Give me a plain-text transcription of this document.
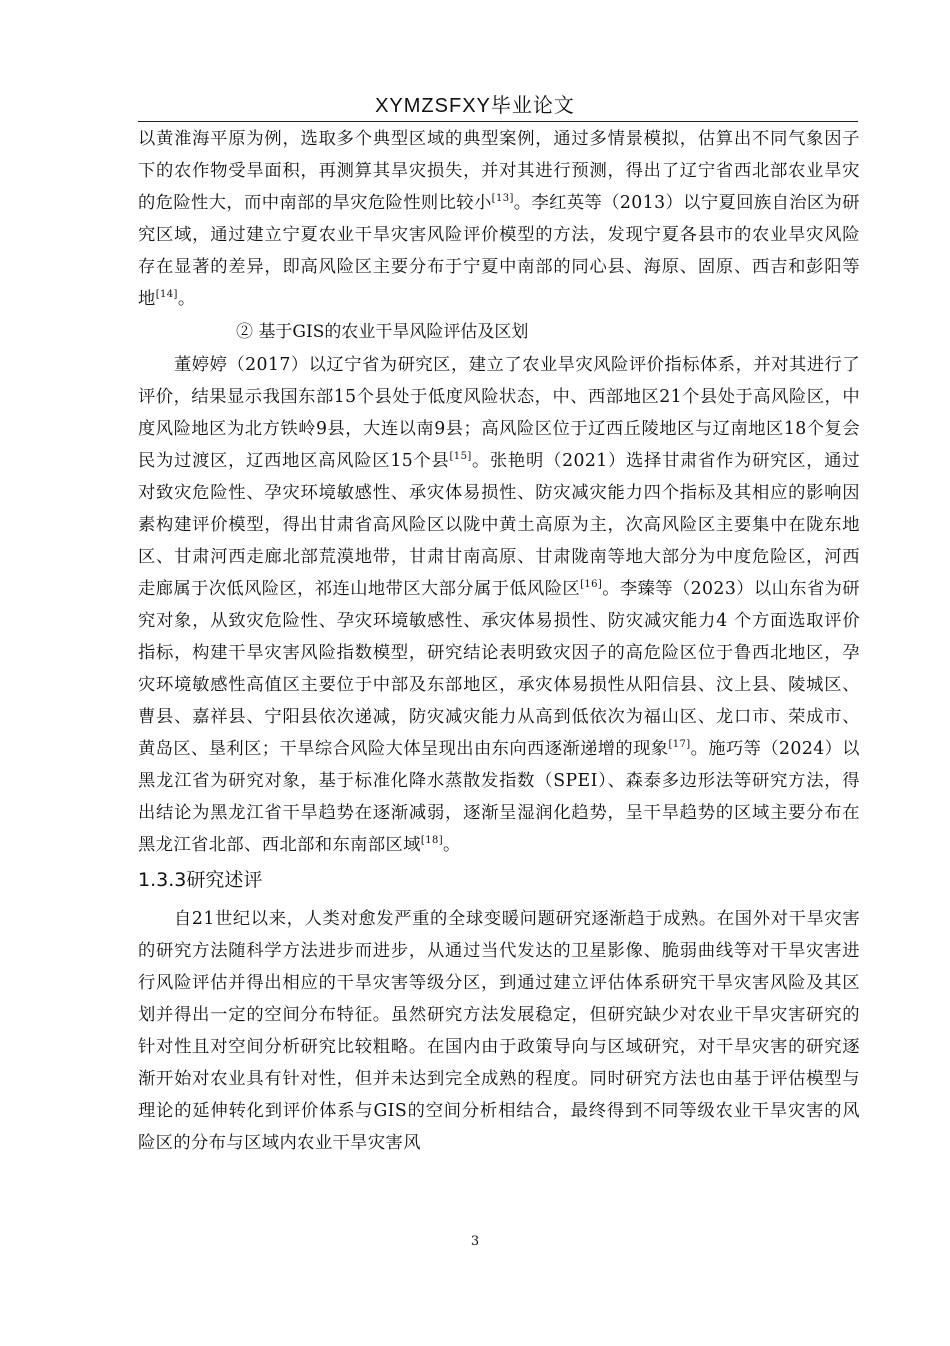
XYMZSFXY毕业论文

以黄淮海平原为例，选取多个典型区域的典型案例，通过多情景模拟，估算出不同气象因子下的农作物受旱面积，再测算其旱灾损失，并对其进行预测，得出了辽宁省西北部农业旱灾的危险性大，而中南部的旱灾危险性则比较小[13]。李红英等（2013）以宁夏回族自治区为研究区域，通过建立宁夏农业干旱灾害风险评价模型的方法，发现宁夏各县市的农业旱灾风险存在显著的差异，即高风险区主要分布于宁夏中南部的同心县、海原、固原、西吉和彭阳等地[14]。

② 基于GIS的农业干旱风险评估及区划

董婷婷（2017）以辽宁省为研究区，建立了农业旱灾风险评价指标体系，并对其进行了评价，结果显示我国东部15个县处于低度风险状态，中、西部地区21个县处于高风险区，中度风险地区为北方铁岭9县，大连以南9县；高风险区位于辽西丘陵地区与辽南地区18个复会民为过渡区，辽西地区高风险区15个县[15]。张艳明（2021）选择甘肃省作为研究区，通过对致灾危险性、孕灾环境敏感性、承灾体易损性、防灾减灾能力四个指标及其相应的影响因素构建评价模型，得出甘肃省高风险区以陇中黄土高原为主，次高风险区主要集中在陇东地区、甘肃河西走廊北部荒漠地带，甘肃甘南高原、甘肃陇南等地大部分为中度危险区，河西走廊属于次低风险区，祁连山地带区大部分属于低风险区[16]。李臻等（2023）以山东省为研究对象，从致灾危险性、孕灾环境敏感性、承灾体易损性、防灾减灾能力4 个方面选取评价指标，构建干旱灾害风险指数模型，研究结论表明致灾因子的高危险区位于鲁西北地区，孕灾环境敏感性高值区主要位于中部及东部地区，承灾体易损性从阳信县、汶上县、陵城区、曹县、嘉祥县、宁阳县依次递减，防灾减灾能力从高到低依次为福山区、龙口市、荣成市、黄岛区、垦利区；干旱综合风险大体呈现出由东向西逐渐递增的现象[17]。施巧等（2024）以黑龙江省为研究对象，基于标准化降水蒸散发指数（SPEI）、森泰多边形法等研究方法，得出结论为黑龙江省干旱趋势在逐渐减弱，逐渐呈湿润化趋势，呈干旱趋势的区域主要分布在黑龙江省北部、西北部和东南部区域[18]。

1.3.3研究述评

自21世纪以来，人类对愈发严重的全球变暖问题研究逐渐趋于成熟。在国外对干旱灾害的研究方法随科学方法进步而进步，从通过当代发达的卫星影像、脆弱曲线等对干旱灾害进行风险评估并得出相应的干旱灾害等级分区，到通过建立评估体系研究干旱灾害风险及其区划并得出一定的空间分布特征。虽然研究方法发展稳定，但研究缺少对农业干旱灾害研究的针对性且对空间分析研究比较粗略。在国内由于政策导向与区域研究，对干旱灾害的研究逐渐开始对农业具有针对性，但并未达到完全成熟的程度。同时研究方法也由基于评估模型与理论的延伸转化到评价体系与GIS的空间分析相结合，最终得到不同等级农业干旱灾害的风险区的分布与区域内农业干旱灾害风

3
